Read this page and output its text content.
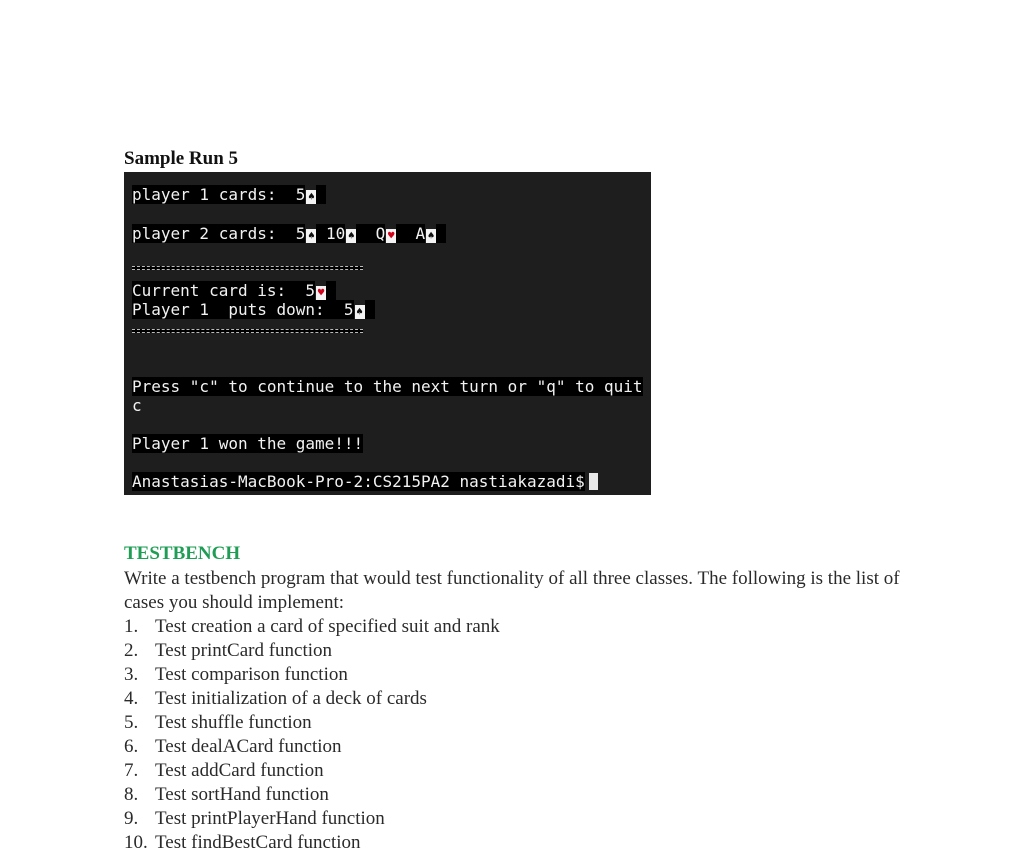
Sample Run 5
player 1 cards:  5 ♠
player 2 cards:  5 ♠ 10 ♠  Q ♥  A ♠
Current card is:  5 ♥
Player 1  puts down:  5 ♠
Press "c" to continue to the next turn or "q" to quit
c
Player 1 won the game!!!
Anastasias-MacBook-Pro-2:CS215PA2 nastiakazadi$
TESTBENCH

Write a testbench program that would test functionality of all three classes. The following is the list of cases you should implement:

1. Test creation a card of specified suit and rank
2. Test printCard function
3. Test comparison function
4. Test initialization of a deck of cards
5. Test shuffle function
6. Test dealACard function
7. Test addCard function
8. Test sortHand function
9. Test printPlayerHand function
10. Test findBestCard function
